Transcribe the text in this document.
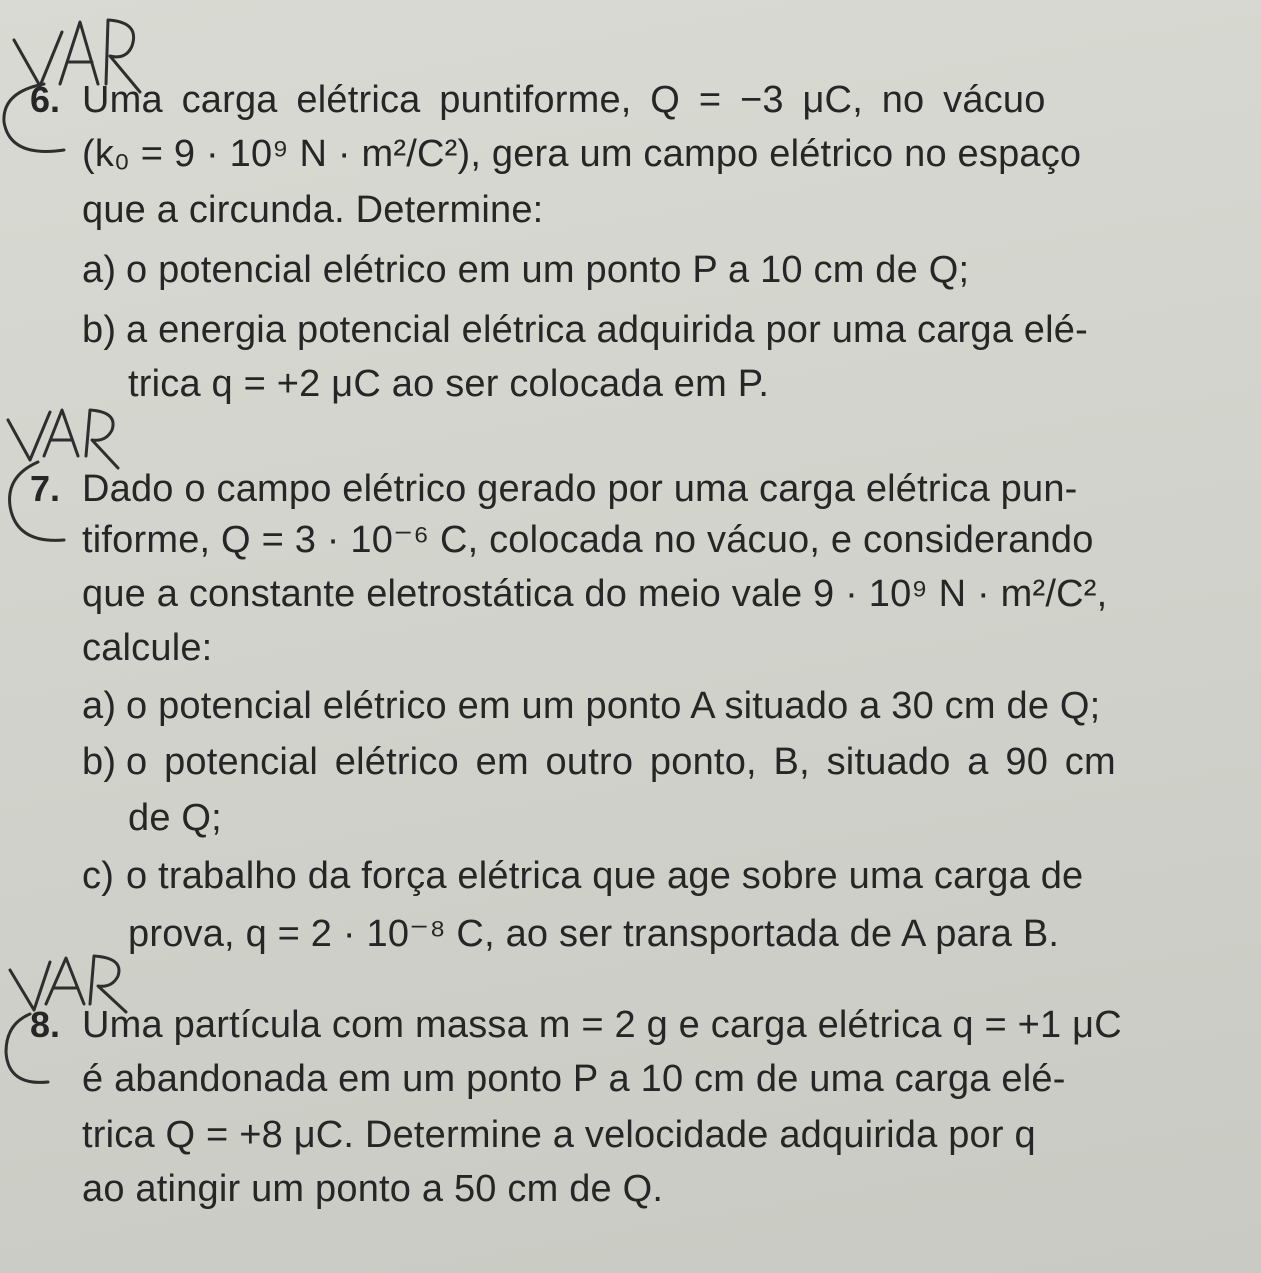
6. Uma carga elétrica puntiforme, Q = −3 μC, no vácuo
(k₀ = 9 · 10⁹ N · m²/C²), gera um campo elétrico no espaço
que a circunda. Determine:
a) o potencial elétrico em um ponto P a 10 cm de Q;
b) a energia potencial elétrica adquirida por uma carga elé-
trica q = +2 μC ao ser colocada em P.
7. Dado o campo elétrico gerado por uma carga elétrica pun-
tiforme, Q = 3 · 10⁻⁶ C, colocada no vácuo, e considerando
que a constante eletrostática do meio vale 9 · 10⁹ N · m²/C²,
calcule:
a) o potencial elétrico em um ponto A situado a 30 cm de Q;
b) o potencial elétrico em outro ponto, B, situado a 90 cm
de Q;
c) o trabalho da força elétrica que age sobre uma carga de
prova, q = 2 · 10⁻⁸ C, ao ser transportada de A para B.
8. Uma partícula com massa m = 2 g e carga elétrica q = +1 μC
é abandonada em um ponto P a 10 cm de uma carga elé-
trica Q = +8 μC. Determine a velocidade adquirida por q
ao atingir um ponto a 50 cm de Q.
